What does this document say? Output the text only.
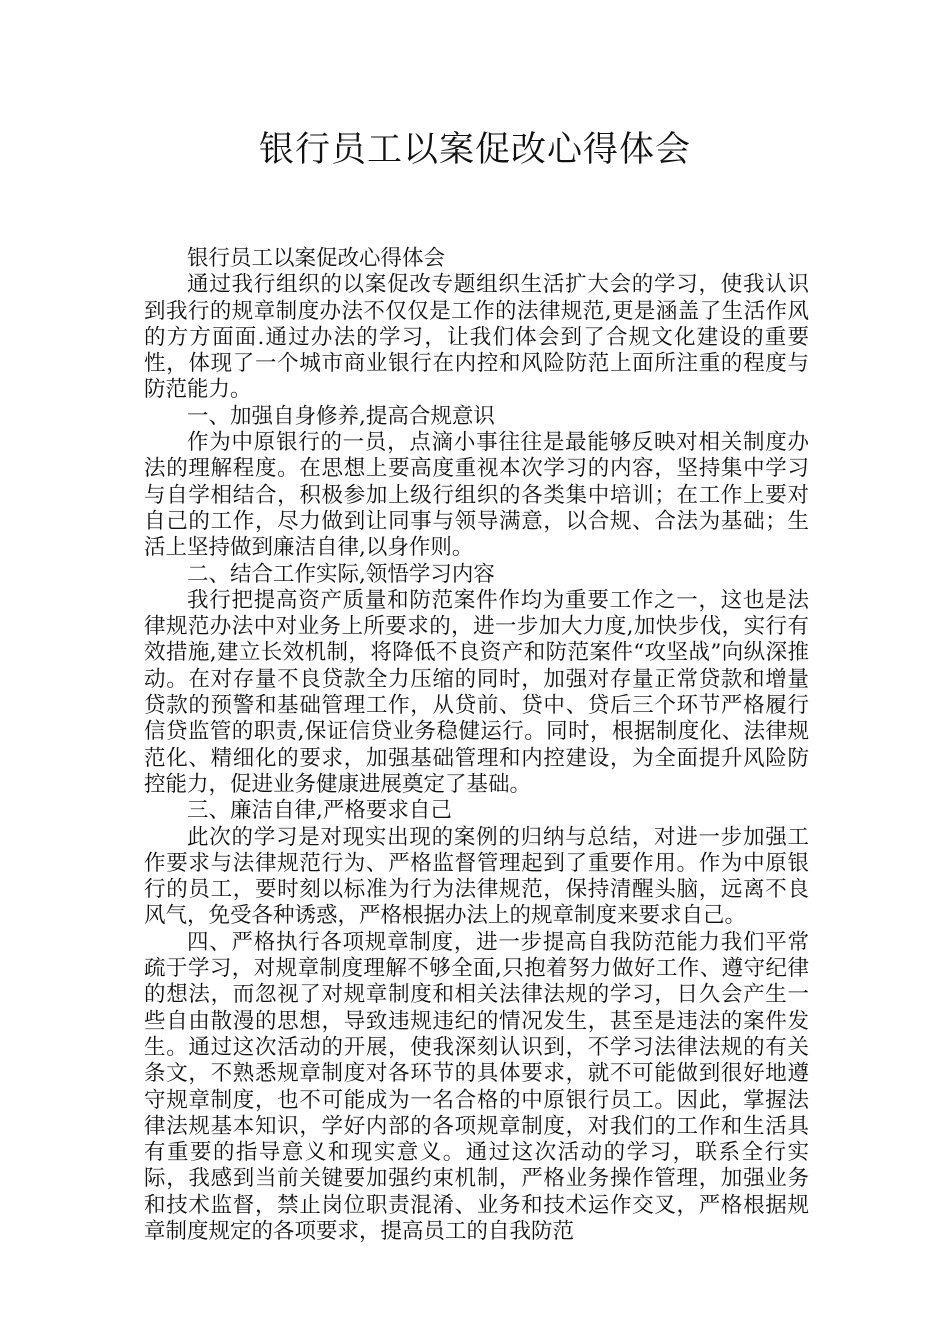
银行员工以案促改心得体会

银行员工以案促改心得体会

通过我行组织的以案促改专题组织生活扩大会的学习，使我认识到我行的规章制度办法不仅仅是工作的法律规范,更是涵盖了生活作风的方方面面.通过办法的学习，让我们体会到了合规文化建设的重要性，体现了一个城市商业银行在内控和风险防范上面所注重的程度与防范能力。

一、加强自身修养,提高合规意识

作为中原银行的一员，点滴小事往往是最能够反映对相关制度办法的理解程度。在思想上要高度重视本次学习的内容，坚持集中学习与自学相结合，积极参加上级行组织的各类集中培训；在工作上要对自己的工作，尽力做到让同事与领导满意，以合规、合法为基础；生活上坚持做到廉洁自律,以身作则。

二、结合工作实际,领悟学习内容

我行把提高资产质量和防范案件作均为重要工作之一，这也是法律规范办法中对业务上所要求的，进一步加大力度,加快步伐，实行有效措施,建立长效机制，将降低不良资产和防范案件“攻坚战”向纵深推动。在对存量不良贷款全力压缩的同时，加强对存量正常贷款和增量贷款的预警和基础管理工作，从贷前、贷中、贷后三个环节严格履行信贷监管的职责,保证信贷业务稳健运行。同时，根据制度化、法律规范化、精细化的要求，加强基础管理和内控建设，为全面提升风险防控能力，促进业务健康进展奠定了基础。

三、廉洁自律,严格要求自己

此次的学习是对现实出现的案例的归纳与总结，对进一步加强工作要求与法律规范行为、严格监督管理起到了重要作用。作为中原银行的员工，要时刻以标准为行为法律规范，保持清醒头脑，远离不良风气，免受各种诱惑，严格根据办法上的规章制度来要求自己。

四、严格执行各项规章制度，进一步提高自我防范能力我们平常疏于学习，对规章制度理解不够全面,只抱着努力做好工作、遵守纪律的想法，而忽视了对规章制度和相关法律法规的学习，日久会产生一些自由散漫的思想，导致违规违纪的情况发生，甚至是违法的案件发生。通过这次活动的开展，使我深刻认识到，不学习法律法规的有关条文，不熟悉规章制度对各环节的具体要求，就不可能做到很好地遵守规章制度，也不可能成为一名合格的中原银行员工。因此，掌握法律法规基本知识，学好内部的各项规章制度，对我们的工作和生活具有重要的指导意义和现实意义。通过这次活动的学习，联系全行实际，我感到当前关键要加强约束机制，严格业务操作管理，加强业务和技术监督，禁止岗位职责混淆、业务和技术运作交叉，严格根据规章制度规定的各项要求，提高员工的自我防范
